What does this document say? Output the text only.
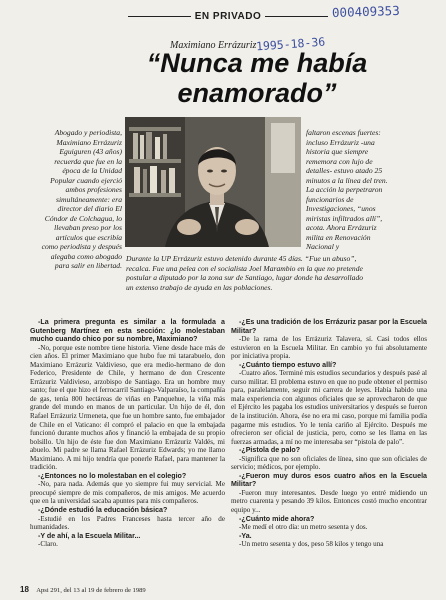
EN PRIVADO	000409353
Maximiano Errázuriz 1995-18-36
“Nunca me había enamorado”
Abogado y periodista, Maximiano Errázuriz Eguiguren (43 años) recuerda que fue en la época de la Unidad Popular cuando ejerció ambos profesiones simultáneamente: era director del diario El Cóndor de Colchagua, lo llevaban preso por los artículos que escribía como periodista y después alegaba como abogado para salir en libertad.
faltaron escenas fuertes: incluso Errázuriz -una historia que siempre rememora con lujo de detalles- estuvo atado 25 minutos a la línea del tren. La acción la perpetraron funcionarios de Investigaciones, “unos miristas infiltrados allí”, acota. Ahora Errázuriz milita en Renovación Nacional y
Durante la UP Errázuriz estuvo detenido durante 45 días. “Fue un abuso”, recalca. Fue una pelea con el socialista Joel Marambio en la que no pretende postular a diputado por la zona sur de Santiago, lugar donde ha desarrollado un extenso trabajo de ayuda en las poblaciones.

-La primera pregunta es similar a la formulada a Gutenberg Martínez en esta sección: ¿lo molestaban mucho cuando chico por su nombre, Maximiano?

-No, porque este nombre tiene historia. Viene desde hace más de cien años. El primer Maximiano que hubo fue mi tatarabuelo, don Maximiano Errázuriz Valdivieso, que era medio-hermano de don Federico, Presidente de Chile, y hermano de don Crescente Errázuriz Valdivieso, arzobispo de Santiago. Era un hombre muy santo; fue el que hizo el ferrocarril Santiago-Valparaíso, la compañía de gas, tenía 800 hectáreas de viñas en Panquehue, la viña más grande del mundo en manos de un particular. Un hijo de él, don Rafael Errázuriz Urmeneta, que fue un hombre santo, fue embajador de Chile en el Vaticano: él compró el palacio en que la embajada funcionó durante muchos años y financió la embajada de su propio bolsillo. Un hijo de éste fue don Maximiano Errázuriz Valdés, mi abuelo. Mi padre se llama Rafael Errázuriz Edwards; yo me llamo Maximiano. A mi hijo tendría que ponerle Rafael, para mantener la tradición.

-¿Entonces no lo molestaban en el colegio?

-No, para nada. Además que yo siempre fui muy servicial. Me preocupé siempre de mis compañeros, de mis amigos. Me acuerdo que en la universidad sacaba apuntes para mis compañeros.

-¿Dónde estudió la educación básica?

-Estudié en los Padres Franceses hasta tercer año de humanidades.

-Y de ahí, a la Escuela Militar...

-Claro.

-¿Es una tradición de los Errázuriz pasar por la Escuela Militar?

-De la rama de los Errázuriz Talavera, sí. Casi todos ellos estuvieron en la Escuela Militar. En cambio yo fui absolutamente por iniciativa propia.

-¿Cuánto tiempo estuvo allí?

-Cuatro años. Terminé mis estudios secundarios y después pasé al curso militar. El problema estuvo en que no pude obtener el permiso para, paralelamente, seguir mi carrera de leyes. Había habido una mala experiencia con algunos oficiales que se aprovecharon de que el Ejército les pagaba los estudios universitarios y después se fueron de la institución. Ahora, ése no era mi caso, porque mi familia podía pagarme mis estudios. Yo le tenía cariño al Ejército. Después me ofrecieron ser oficial de justicia, pero, como se les llama en las fuerzas armadas, a mí no me interesaba ser “pistola de palo”.

-¿Pistola de palo?

-Significa que no son oficiales de línea, sino que son oficiales de servicio; médicos, por ejemplo.

-¿Fueron muy duros esos cuatro años en la Escuela Militar?

-Fueron muy interesantes. Desde luego yo entré midiendo un metro cuarenta y pesando 39 kilos. Entonces costó mucho encontrar equipo y...

-¿Cuánto mide ahora?

-Me medí el otro día: un metro sesenta y dos.

-Ya.

-Un metro sesenta y dos, peso 58 kilos y tengo una

18 Apsi 291, del 13 al 19 de febrero de 1989
